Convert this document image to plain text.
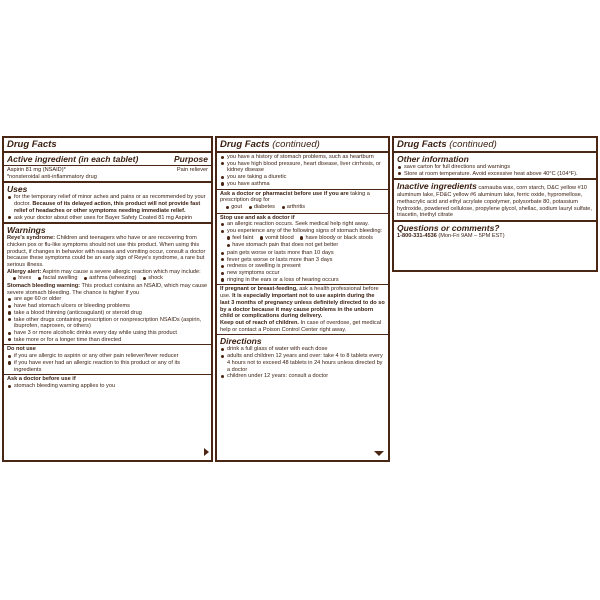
Drug Facts
Active ingredient (in each tablet)	Purpose
Aspirin 81 mg (NSAID)*	Pain reliever
*nonsteroidal anti-inflammatory drug
Uses
for the temporary relief of minor aches and pains or as recommended by your doctor. Because of its delayed action, this product will not provide fast relief of headaches or other symptoms needing immediate relief.
ask your doctor about other uses for Bayer Safety Coated 81 mg Aspirin
Warnings
Reye's syndrome: Children and teenagers who have or are recovering from chicken pox or flu-like symptoms should not use this product. When using this product, if changes in behavior with nausea and vomiting occur, consult a doctor because these symptoms could be an early sign of Reye's syndrome, a rare but serious illness.
Allergy alert: Aspirin may cause a severe allergic reaction which may include:
hives
facial swelling
asthma (wheezing)
shock
Stomach bleeding warning: This product contains an NSAID, which may cause severe stomach bleeding. The chance is higher if you
are age 60 or older
have had stomach ulcers or bleeding problems
take a blood thinning (anticoagulant) or steroid drug
take other drugs containing prescription or nonprescription NSAIDs (aspirin, ibuprofen, naproxen, or others)
have 3 or more alcoholic drinks every day while using this product
take more or for a longer time than directed
Do not use
if you are allergic to aspirin or any other pain reliever/fever reducer
if you have ever had an allergic reaction to this product or any of its ingredients
Ask a doctor before use if
stomach bleeding warning applies to you
Drug Facts (continued)
you have a history of stomach problems, such as heartburn
you have high blood pressure, heart disease, liver cirrhosis, or kidney disease
you are taking a diuretic
you have asthma
Ask a doctor or pharmacist before use if you are taking a prescription drug for
gout
diabetes
arthritis
Stop use and ask a doctor if
an allergic reaction occurs. Seek medical help right away.
you experience any of the following signs of stomach bleeding:
feel faint
vomit blood
have bloody or black stools

have stomach pain that does not get better
pain gets worse or lasts more than 10 days
fever gets worse or lasts more than 3 days
redness or swelling is present
new symptoms occur
ringing in the ears or a loss of hearing occurs
If pregnant or breast-feeding, ask a health professional before use. It is especially important not to use aspirin during the last 3 months of pregnancy unless definitely directed to do so by a doctor because it may cause problems in the unborn child or complications during delivery.
Keep out of reach of children. In case of overdose, get medical help or contact a Poison Control Center right away.
Directions
drink a full glass of water with each dose
adults and children 12 years and over: take 4 to 8 tablets every 4 hours not to exceed 48 tablets in 24 hours unless directed by a doctor
children under 12 years: consult a doctor
Drug Facts (continued)
Other information
save carton for full directions and warnings
Store at room temperature. Avoid excessive heat above 40°C (104°F).
Inactive ingredients carnauba wax, corn starch, D&C yellow #10 aluminum lake, FD&C yellow #6 aluminum lake, ferric oxide, hypromellose, methacrylic acid and ethyl acrylate copolymer, polysorbate 80, potassium hydroxide, powdered cellulose, propylene glycol, shellac, sodium lauryl sulfate, triacetin, triethyl citrate
Questions or comments?
1-800-331-4536 (Mon-Fri 9AM – 5PM EST)
